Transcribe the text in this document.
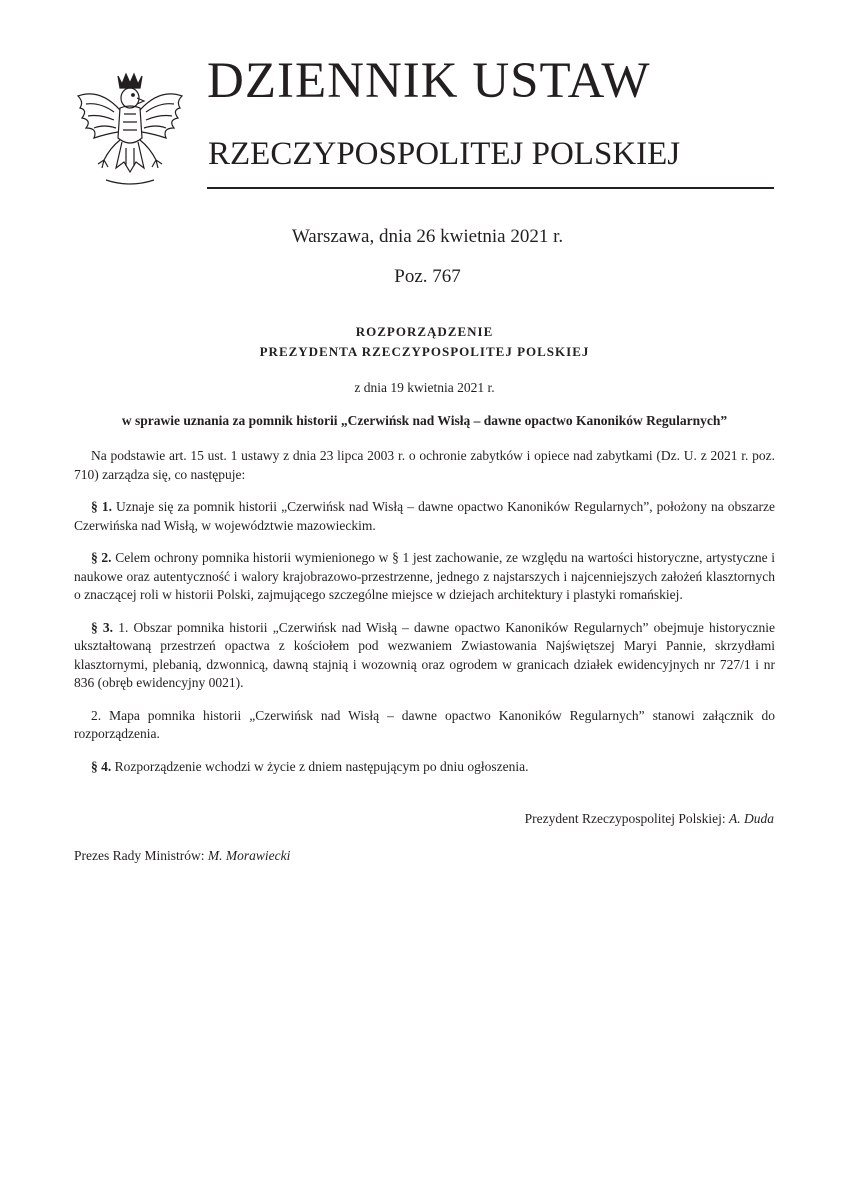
DZIENNIK USTAW
RZECZYPOSPOLITEJ POLSKIEJ
Warszawa, dnia 26 kwietnia 2021 r.
Poz. 767
ROZPORZĄDZENIE
PREZYDENTA RZECZYPOSPOLITEJ POLSKIEJ
z dnia 19 kwietnia 2021 r.
w sprawie uznania za pomnik historii „Czerwińsk nad Wisłą – dawne opactwo Kanoników Regularnych”

Na podstawie art. 15 ust. 1 ustawy z dnia 23 lipca 2003 r. o ochronie zabytków i opiece nad zabytkami (Dz. U. z 2021 r. poz. 710) zarządza się, co następuje:

§ 1. Uznaje się za pomnik historii „Czerwińsk nad Wisłą – dawne opactwo Kanoników Regularnych”, położony na obszarze Czerwińska nad Wisłą, w województwie mazowieckim.

§ 2. Celem ochrony pomnika historii wymienionego w § 1 jest zachowanie, ze względu na wartości historyczne, artystyczne i naukowe oraz autentyczność i walory krajobrazowo-przestrzenne, jednego z najstarszych i najcenniejszych założeń klasztornych o znaczącej roli w historii Polski, zajmującego szczególne miejsce w dziejach architektury i plastyki romańskiej.

§ 3. 1. Obszar pomnika historii „Czerwińsk nad Wisłą – dawne opactwo Kanoników Regularnych” obejmuje historycznie ukształtowaną przestrzeń opactwa z kościołem pod wezwaniem Zwiastowania Najświętszej Maryi Pannie, skrzydłami klasztornymi, plebanią, dzwonnicą, dawną stajnią i wozownią oraz ogrodem w granicach działek ewidencyjnych nr 727/1 i nr 836 (obręb ewidencyjny 0021).

2. Mapa pomnika historii „Czerwińsk nad Wisłą – dawne opactwo Kanoników Regularnych” stanowi załącznik do rozporządzenia.

§ 4. Rozporządzenie wchodzi w życie z dniem następującym po dniu ogłoszenia.

Prezydent Rzeczypospolitej Polskiej: A. Duda
Prezes Rady Ministrów: M. Morawiecki
